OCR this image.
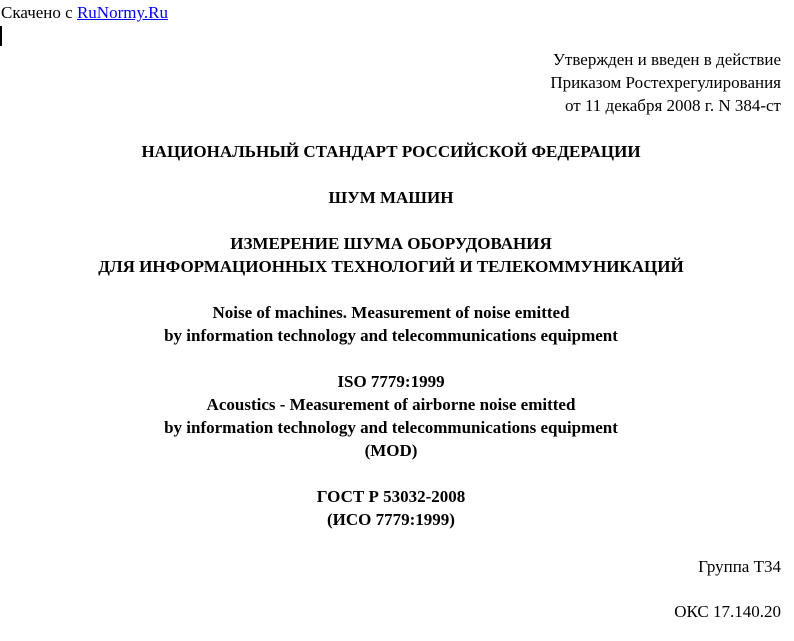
Скачено с RuNormy.Ru
Утвержден и введен в действие
Приказом Ростехрегулирования
от 11 декабря 2008 г. N 384-ст
НАЦИОНАЛЬНЫЙ СТАНДАРТ РОССИЙСКОЙ ФЕДЕРАЦИИ
ШУМ МАШИН
ИЗМЕРЕНИЕ ШУМА ОБОРУДОВАНИЯ
ДЛЯ ИНФОРМАЦИОННЫХ ТЕХНОЛОГИЙ И ТЕЛЕКОММУНИКАЦИЙ
Noise of machines. Measurement of noise emitted
by information technology and telecommunications equipment
ISO 7779:1999
Acoustics - Measurement of airborne noise emitted
by information technology and telecommunications equipment
(MOD)
ГОСТ Р 53032-2008
(ИСО 7779:1999)
Группа Т34
ОКС 17.140.20
